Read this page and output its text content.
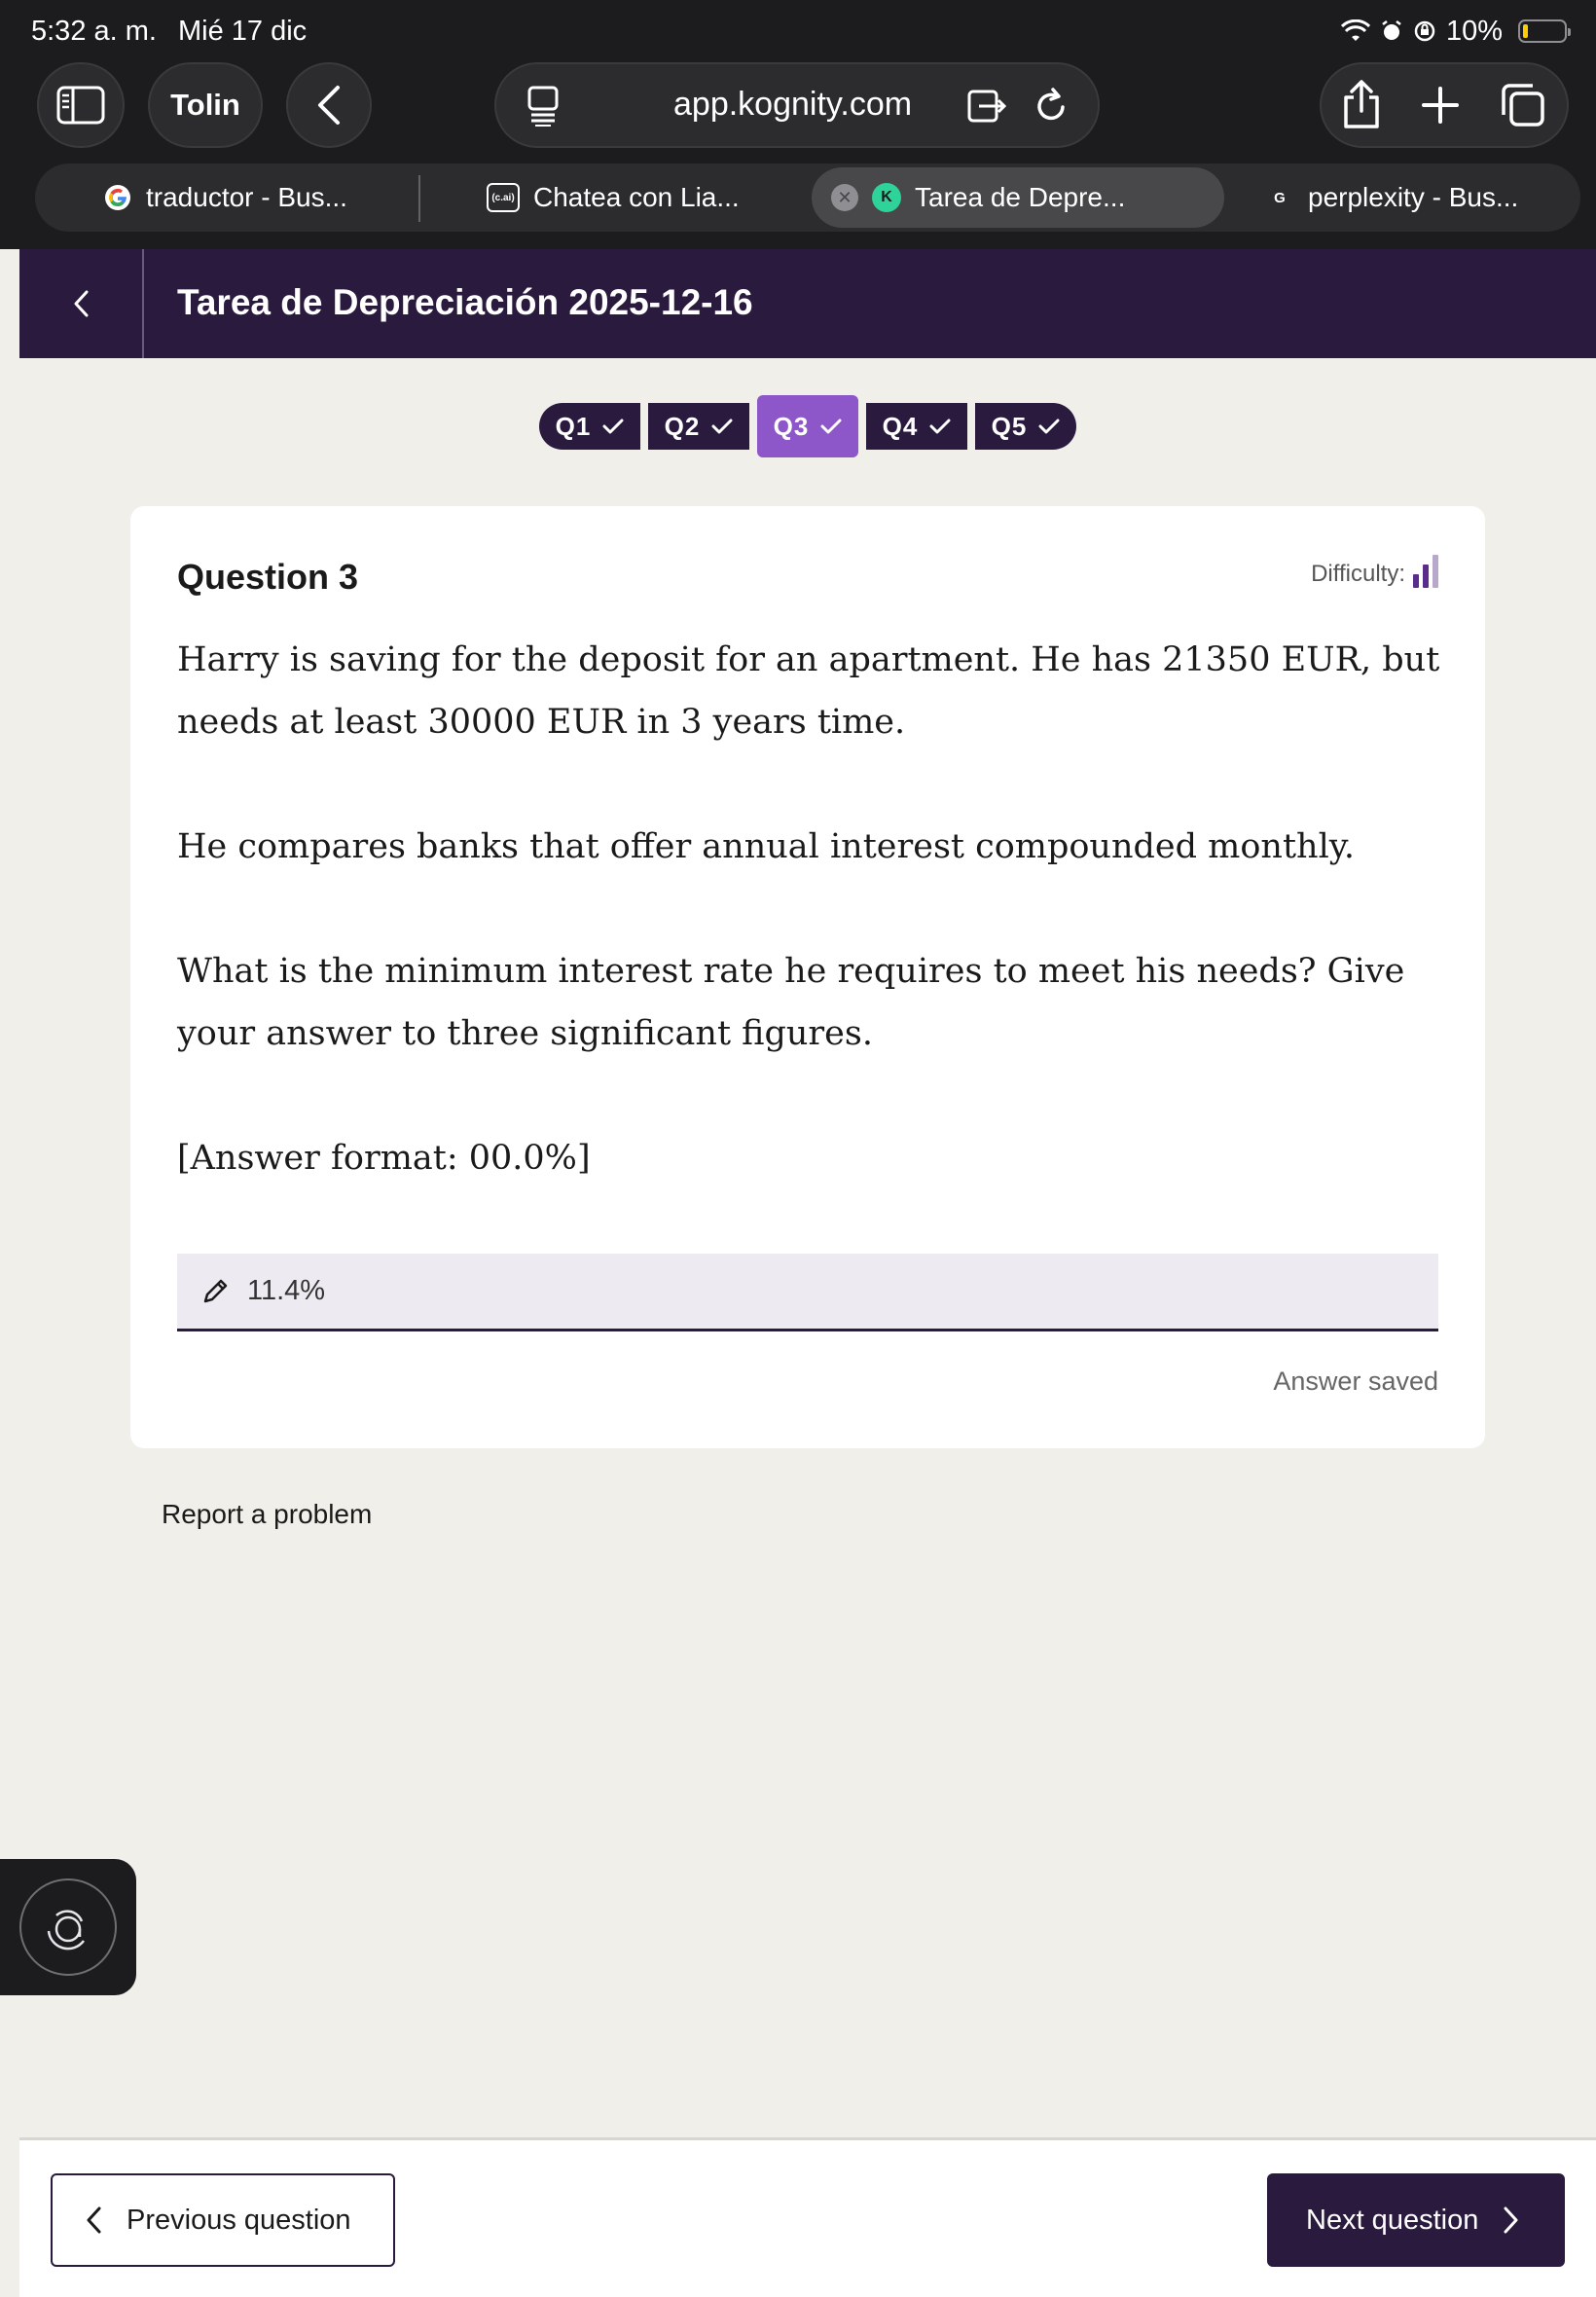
5:32 a. m. Mié 17 dic	10%
Tolin	app.kognity.com
traductor - Bus...	(c.ai) Chatea con Lia...	✕	K Tarea de Depre...	G perplexity - Bus...
Tarea de Depreciación 2025-12-16
Q1	Q2	Q3	Q4	Q5
Question 3	Difficulty:

Harry is saving for the deposit for an apartment. He has 21350 EUR, but needs at least 30000 EUR in 3 years time.

He compares banks that offer annual interest compounded monthly.

What is the minimum interest rate he requires to meet his needs? Give your answer to three significant figures.

[Answer format: 00.0%]

11.4%
Answer saved
Report a problem
Previous question	Next question
